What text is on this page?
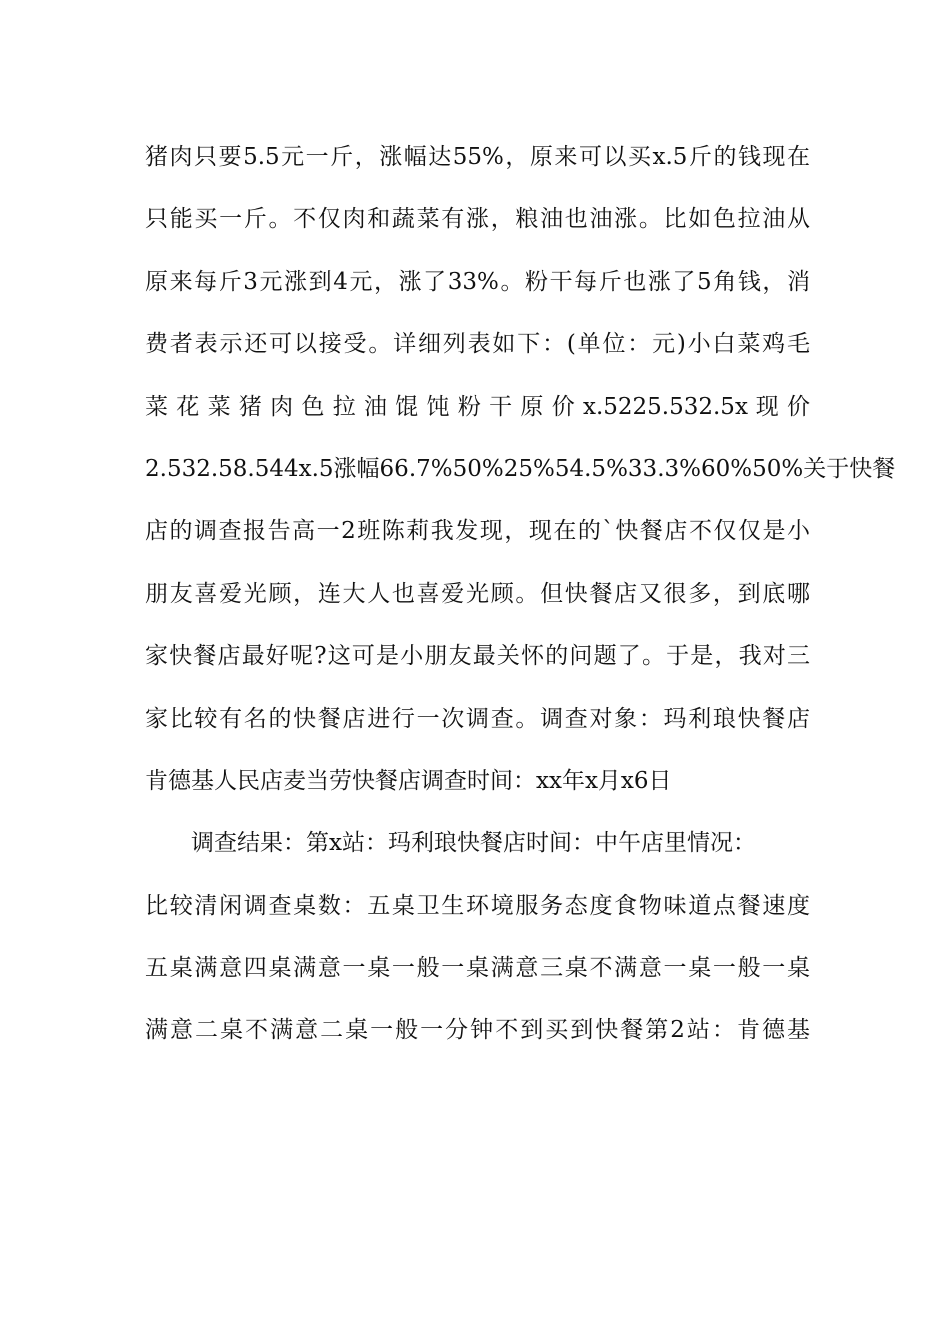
猪肉只要5.5元一斤，涨幅达55%，原来可以买x.5斤的钱现在
只能买一斤。不仅肉和蔬菜有涨，粮油也油涨。比如色拉油从
原来每斤3元涨到4元，涨了33%。粉干每斤也涨了5角钱，消
费者表示还可以接受。详细列表如下：(单位：元)小白菜鸡毛
菜 花 菜 猪 肉 色 拉 油 馄 饨 粉 干 原 价 x.5225.532.5x 现 价
2.532.58.544x.5涨幅66.7%50%25%54.5%33.3%60%50%关于快餐
店的调查报告高一2班陈莉我发现，现在的`快餐店不仅仅是小
朋友喜爱光顾，连大人也喜爱光顾。但快餐店又很多，到底哪
家快餐店最好呢?这可是小朋友最关怀的问题了。于是，我对三
家比较有名的快餐店进行一次调查。调查对象：玛利琅快餐店
肯德基人民店麦当劳快餐店调查时间：xx年x月x6日
调查结果：第x站：玛利琅快餐店时间：中午店里情况：
比较清闲调查桌数：五桌卫生环境服务态度食物味道点餐速度
五桌满意四桌满意一桌一般一桌满意三桌不满意一桌一般一桌
满意二桌不满意二桌一般一分钟不到买到快餐第2站：肯德基
